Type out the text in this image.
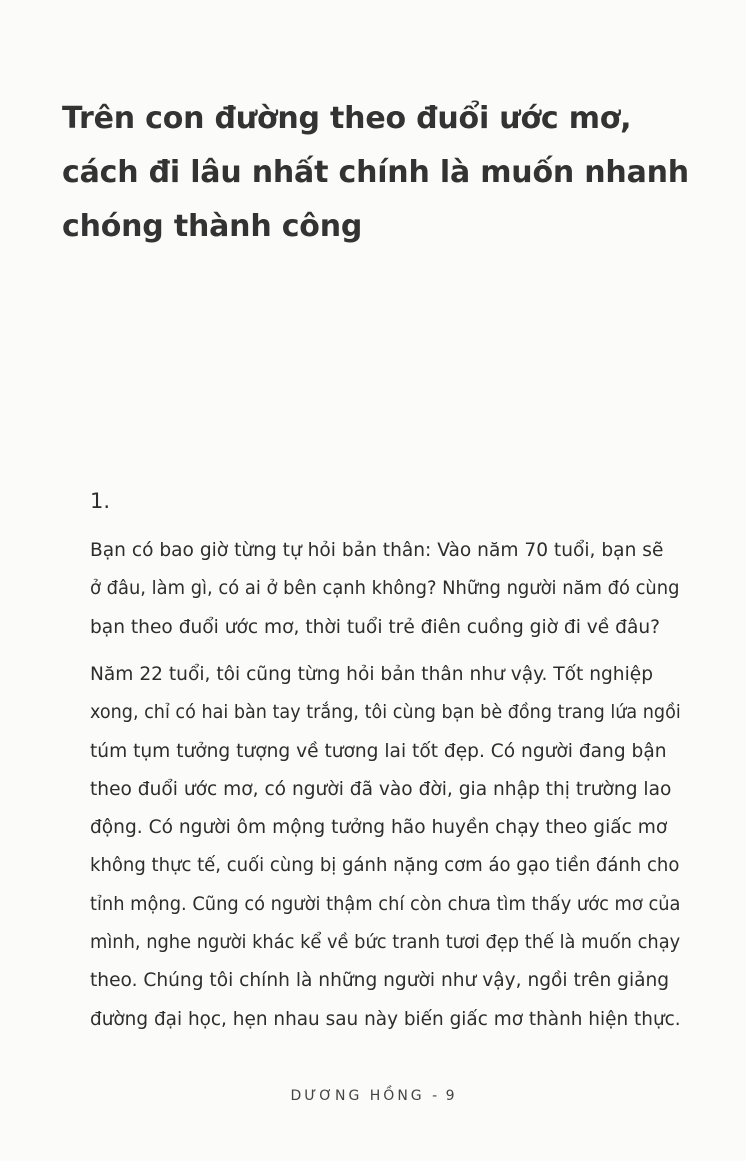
Trên con đường theo đuổi ước mơ,
cách đi lâu nhất chính là muốn nhanh
chóng thành công
1.
Bạn có bao giờ từng tự hỏi bản thân: Vào năm 70 tuổi, bạn sẽ
ở đâu, làm gì, có ai ở bên cạnh không? Những người năm đó cùng
bạn theo đuổi ước mơ, thời tuổi trẻ điên cuồng giờ đi về đâu?
Năm 22 tuổi, tôi cũng từng hỏi bản thân như vậy. Tốt nghiệp
xong, chỉ có hai bàn tay trắng, tôi cùng bạn bè đồng trang lứa ngồi
túm tụm tưởng tượng về tương lai tốt đẹp. Có người đang bận
theo đuổi ước mơ, có người đã vào đời, gia nhập thị trường lao
động. Có người ôm mộng tưởng hão huyền chạy theo giấc mơ
không thực tế, cuối cùng bị gánh nặng cơm áo gạo tiền đánh cho
tỉnh mộng. Cũng có người thậm chí còn chưa tìm thấy ước mơ của
mình, nghe người khác kể về bức tranh tươi đẹp thế là muốn chạy
theo. Chúng tôi chính là những người như vậy, ngồi trên giảng
đường đại học, hẹn nhau sau này biến giấc mơ thành hiện thực.
DƯƠNG HỒNG - 9
